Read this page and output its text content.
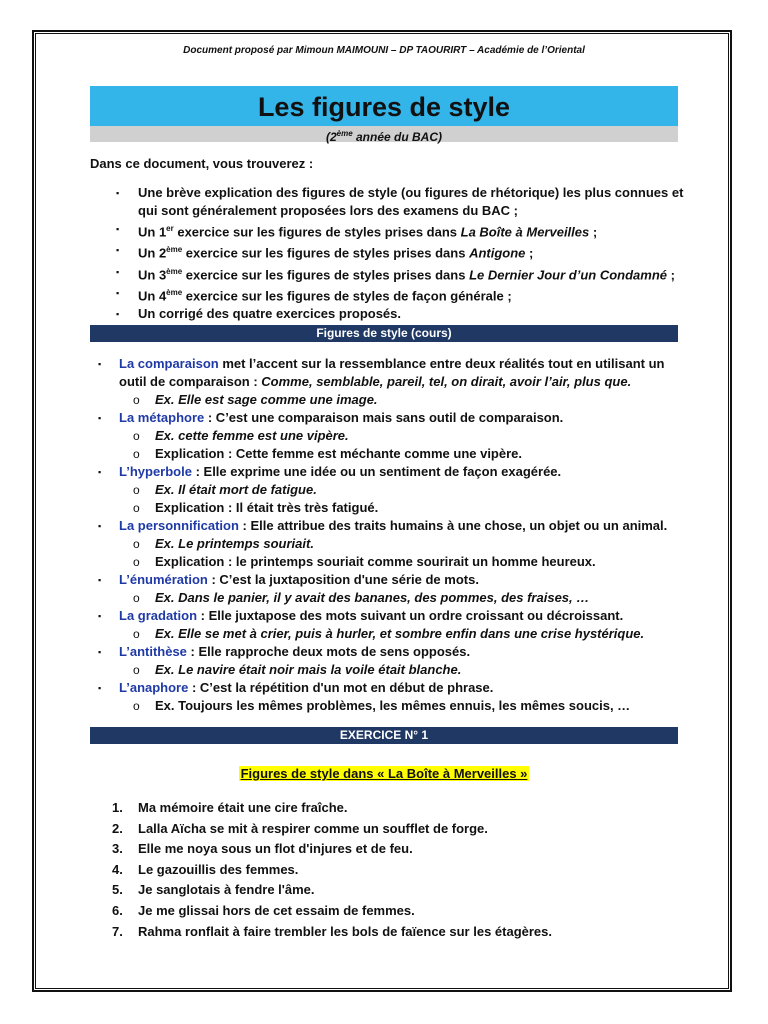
Document proposé par Mimoun MAIMOUNI – DP TAOURIRT – Académie de l’Oriental
Les figures de style
(2ème année du BAC)
Dans ce document, vous trouverez :
▪ Une brève explication des figures de style (ou figures de rhétorique) les plus connues et qui sont généralement proposées lors des examens du BAC ;
▪ Un 1er exercice sur les figures de styles prises dans La Boîte à Merveilles ;
▪ Un 2ème exercice sur les figures de styles prises dans Antigone ;
▪ Un 3ème exercice sur les figures de styles prises dans Le Dernier Jour d’un Condamné ;
▪ Un 4ème exercice sur les figures de styles de façon générale ;
▪ Un corrigé des quatre exercices proposés.
Figures de style (cours)
▪ La comparaison met l’accent sur la ressemblance entre deux réalités tout en utilisant un outil de comparaison : Comme, semblable, pareil, tel, on dirait, avoir l’air, plus que.
o Ex. Elle est sage comme une image.
▪ La métaphore : C’est une comparaison mais sans outil de comparaison.
o Ex. cette femme est une vipère.
o Explication : Cette femme est méchante comme une vipère.
▪ L’hyperbole : Elle exprime une idée ou un sentiment de façon exagérée.
o Ex. Il était mort de fatigue.
o Explication : Il était très très fatigué.
▪ La personnification : Elle attribue des traits humains à une chose, un objet ou un animal.
o Ex. Le printemps souriait.
o Explication : le printemps souriait comme sourirait un homme heureux.
▪ L’énumération : C’est la juxtaposition d'une série de mots.
o Ex. Dans le panier, il y avait des bananes, des pommes, des fraises, …
▪ La gradation : Elle juxtapose des mots suivant un ordre croissant ou décroissant.
o Ex. Elle se met à crier, puis à hurler, et sombre enfin dans une crise hystérique.
▪ L’antithèse : Elle rapproche deux mots de sens opposés.
o Ex. Le navire était noir mais la voile était blanche.
▪ L’anaphore : C’est la répétition d'un mot en début de phrase.
o Ex. Toujours les mêmes problèmes, les mêmes ennuis, les mêmes soucis, …
EXERCICE N° 1
Figures de style dans « La Boîte à Merveilles »
1. Ma mémoire était une cire fraîche.
2. Lalla Aïcha se mit à respirer comme un soufflet de forge.
3. Elle me noya sous un flot d'injures et de feu.
4. Le gazouillis des femmes.
5. Je sanglotais à fendre l'âme.
6. Je me glissai hors de cet essaim de femmes.
7. Rahma ronflait à faire trembler les bols de faïence sur les étagères.
